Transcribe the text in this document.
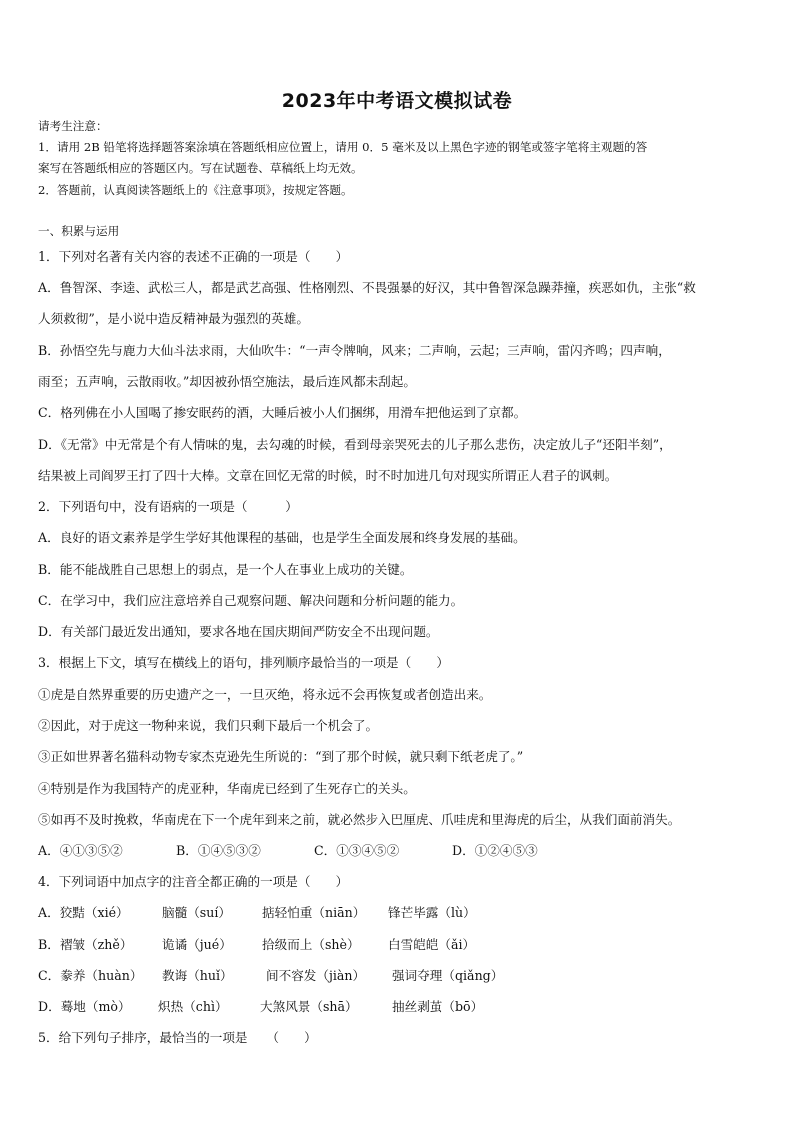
2023年中考语文模拟试卷
请考生注意：
1．请用 2B 铅笔将选择题答案涂填在答题纸相应位置上，请用 0．5 毫米及以上黑色字迹的钢笔或签字笔将主观题的答
案写在答题纸相应的答题区内。写在试题卷、草稿纸上均无效。
2．答题前，认真阅读答题纸上的《注意事项》，按规定答题。
一、积累与运用
1．下列对名著有关内容的表述不正确的一项是（　　）
A．鲁智深、李逵、武松三人，都是武艺高强、性格刚烈、不畏强暴的好汉，其中鲁智深急躁莽撞，疾恶如仇，主张“救
人须救彻”，是小说中造反精神最为强烈的英雄。
B．孙悟空先与鹿力大仙斗法求雨，大仙吹牛：“一声令牌响，风来；二声响，云起；三声响，雷闪齐鸣；四声响，
雨至；五声响，云散雨收。”却因被孙悟空施法，最后连风都未刮起。
C．格列佛在小人国喝了掺安眠药的酒，大睡后被小人们捆绑，用滑车把他运到了京都。
D．《无常》中无常是个有人情味的鬼，去勾魂的时候，看到母亲哭死去的儿子那么悲伤，决定放儿子“还阳半刻”，
结果被上司阎罗王打了四十大棒。文章在回忆无常的时候，时不时加进几句对现实所谓正人君子的讽刺。
2．下列语句中，没有语病的一项是（　　　）
A．良好的语文素养是学生学好其他课程的基础，也是学生全面发展和终身发展的基础。
B．能不能战胜自己思想上的弱点，是一个人在事业上成功的关键。
C．在学习中，我们应注意培养自己观察问题、解决问题和分析问题的能力。
D．有关部门最近发出通知，要求各地在国庆期间严防安全不出现问题。
3．根据上下文，填写在横线上的语句，排列顺序最恰当的一项是（　　）
①虎是自然界重要的历史遗产之一，一旦灭绝，将永远不会再恢复或者创造出来。
②因此，对于虎这一物种来说，我们只剩下最后一个机会了。
③正如世界著名猫科动物专家杰克逊先生所说的：“到了那个时候，就只剩下纸老虎了。”
④特别是作为我国特产的虎亚种，华南虎已经到了生死存亡的关头。
⑤如再不及时挽救，华南虎在下一个虎年到来之前，就必然步入巴厘虎、爪哇虎和里海虎的后尘，从我们面前消失。
A．④①③⑤②	B．①④⑤③②	C．①③④⑤②	D．①②④⑤③
4．下列词语中加点字的注音全都正确的一项是（　　）
A．狡黠（xié）	脑髓（suí） 掂轻怕重（niān） 锋芒毕露（lù）
B．褶皱（zhě） 诡谲（jué） 拾级而上（shè） 白雪皑皑（ǎi）
C．豢养（huàn） 教诲（huǐ）	间不容发（jiàn） 强词夺理（qiǎng）
D．蓦地（mò） 炽热（chì）	大煞风景（shā）	抽丝剥茧（bō）
5．给下列句子排序，最恰当的一项是　　（　　）
